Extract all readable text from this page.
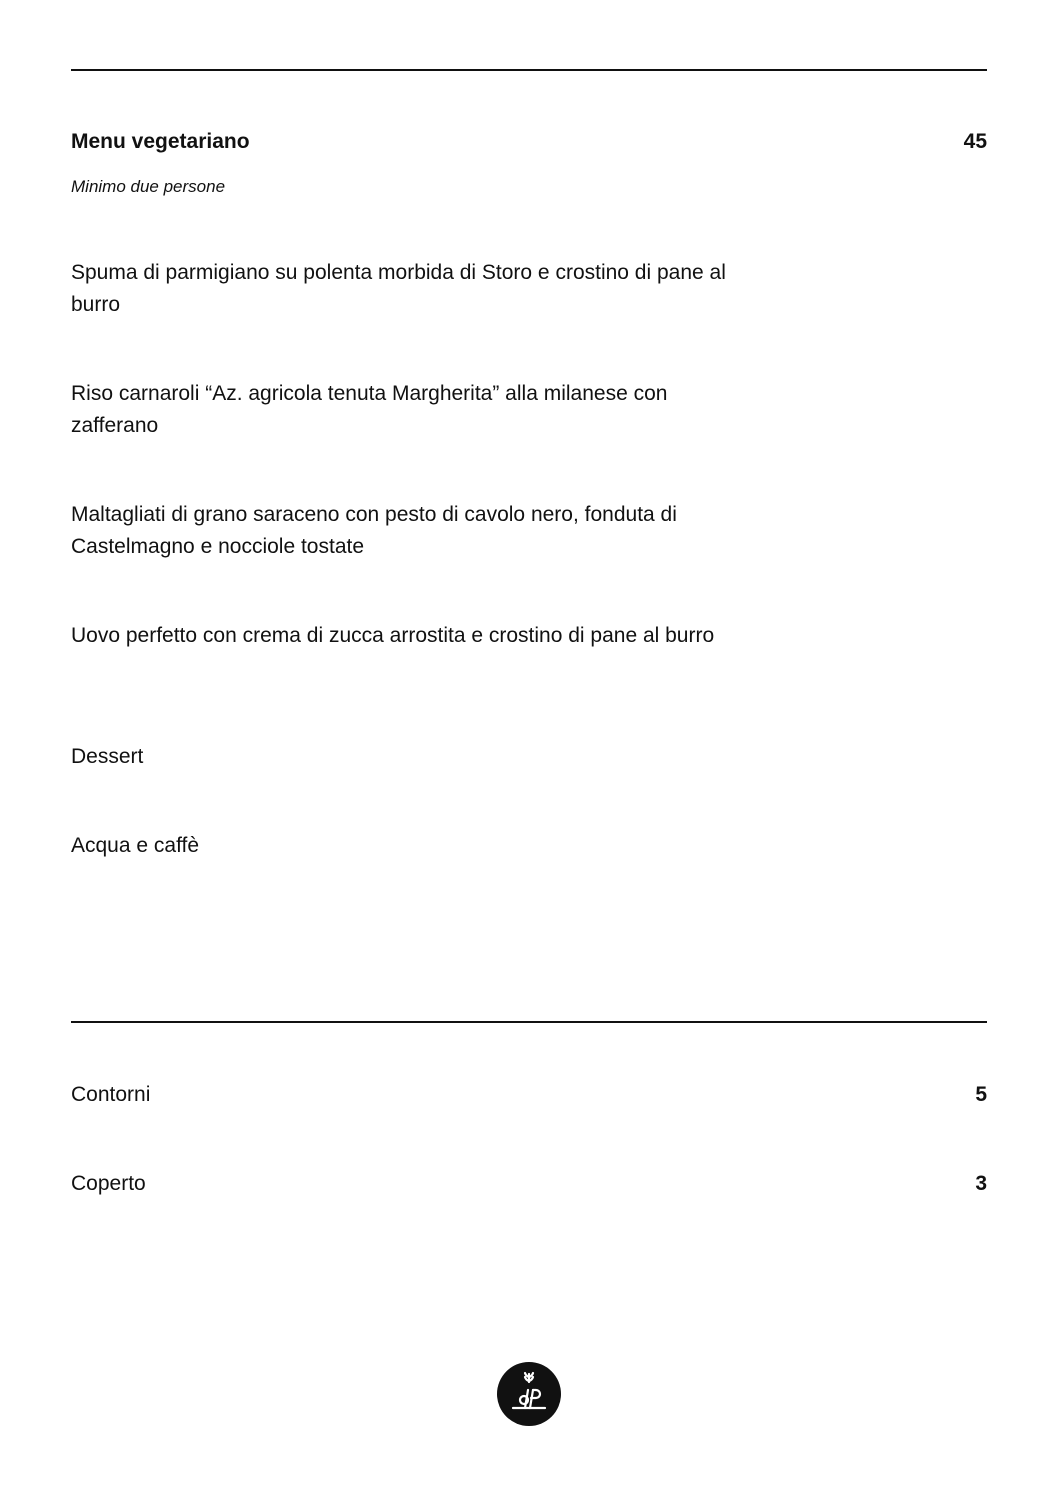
Menu vegetariano	45
Minimo due persone

Spuma di parmigiano su polenta morbida di Storo e crostino di pane al burro

Riso carnaroli “Az. agricola tenuta Margherita” alla milanese con zafferano

Maltagliati di grano saraceno con pesto di cavolo nero, fonduta di Castelmagno e nocciole tostate

Uovo perfetto con crema di zucca arrostita e crostino di pane al burro

Dessert

Acqua e caffè

Contorni	5
Coperto	3
